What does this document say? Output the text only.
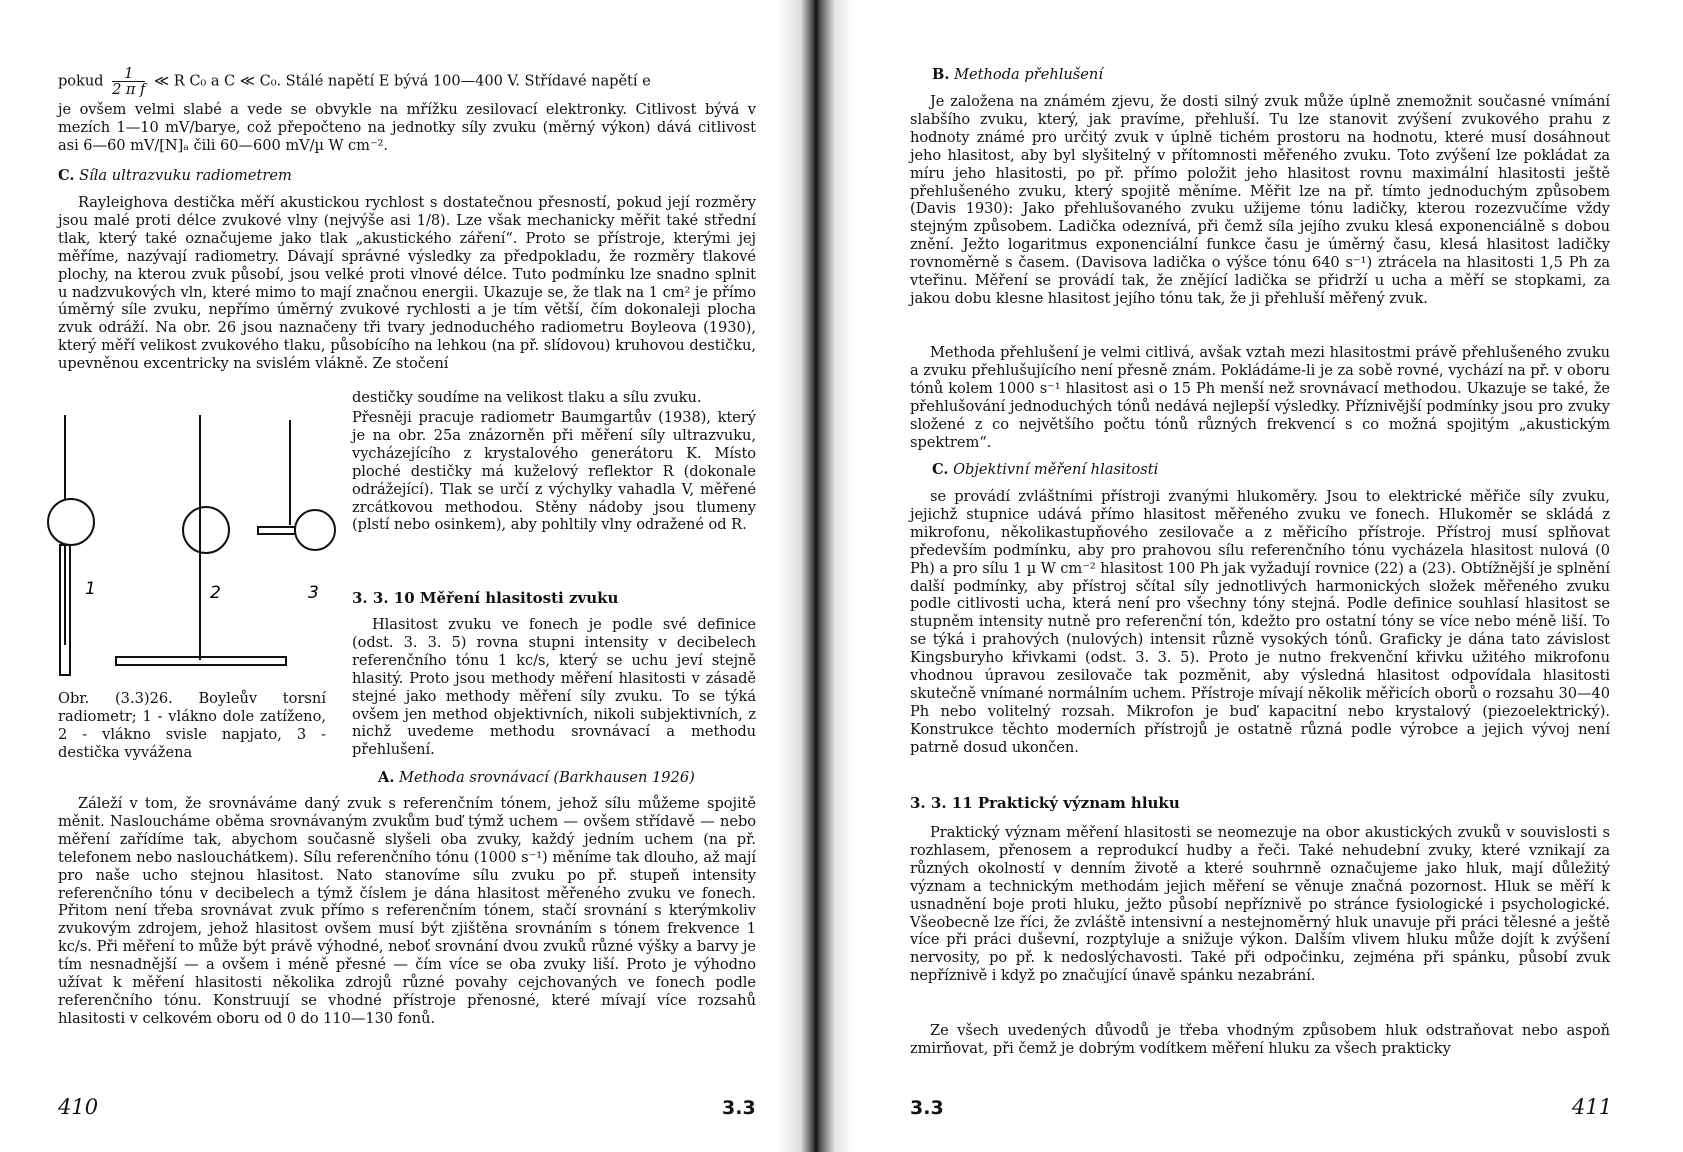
pokud $\frac{1}{\text{2 π f}}$ ≪ R C₀ a C ≪ C₀. Stálé napětí E bývá 100—400 V. Střídavé napětí e

je ovšem velmi slabé a vede se obvykle na mřížku zesilovací elektronky. Citlivost bývá v mezích 1—10 mV/barye, což přepočteno na jednotky síly zvuku (měrný výkon) dává citlivost asi 6—60 mV/[N]ₐ čili 60—600 mV/µ W cm⁻².

C. Síla ultrazvuku radiometrem

Rayleighova destička měří akustickou rychlost s dostatečnou přesností, pokud její rozměry jsou malé proti délce zvukové vlny (nejvýše asi 1/8). Lze však mechanicky měřit také střední tlak, který také označujeme jako tlak „akustického záření“. Proto se přístroje, kterými jej měříme, nazývají radiometry. Dávají správné výsledky za předpokladu, že rozměry tlakové plochy, na kterou zvuk působí, jsou velké proti vlnové délce. Tuto podmínku lze snadno splnit u nadzvukových vln, které mimo to mají značnou energii. Ukazuje se, že tlak na 1 cm² je přímo úměrný síle zvuku, nepřímo úměrný zvukové rychlosti a je tím větší, čím dokonaleji plocha zvuk odráží. Na obr. 26 jsou naznačeny tři tvary jednoduchého radiometru Boyleova (1930), který měří velikost zvukového tlaku, působícího na lehkou (na př. slídovou) kruhovou destičku, upevněnou excentricky na svislém vlákně. Ze stočení

destičky soudíme na velikost tlaku a sílu zvuku.

Přesněji pracuje radiometr Baumgartův (1938), který je na obr. 25a znázorněn při měření síly ultrazvuku, vycházejícího z krystalového generátoru K. Místo ploché destičky má kuželový reflektor R (dokonale odrážející). Tlak se určí z výchylky vahadla V, měřené zrcátkovou methodou. Stěny nádoby jsou tlumeny (plstí nebo osinkem), aby pohltily vlny odražené od R.

1	2	3

Obr. (3.3)26. Boyleův torsní radiometr; 1 - vlákno dole zatíženo, 2 - vlákno svisle napjato, 3 - destička vyvážena

3. 3. 10 Měření hlasitosti zvuku

Hlasitost zvuku ve fonech je podle své definice (odst. 3. 3. 5) rovna stupni intensity v decibelech referenčního tónu 1 kc/s, který se uchu jeví stejně hlasitý. Proto jsou methody měření hlasitosti v zásadě stejné jako methody měření síly zvuku. To se týká ovšem jen method objektivních, nikoli subjektivních, z nichž uvedeme methodu srovnávací a methodu přehlušení.

A. Methoda srovnávací (Barkhausen 1926)

Záleží v tom, že srovnáváme daný zvuk s referenčním tónem, jehož sílu můžeme spojitě měnit. Nasloucháme oběma srovnávaným zvukům buď týmž uchem — ovšem střídavě — nebo měření zařídíme tak, abychom současně slyšeli oba zvuky, každý jedním uchem (na př. telefonem nebo naslouchátkem). Sílu referenčního tónu (1000 s⁻¹) měníme tak dlouho, až mají pro naše ucho stejnou hlasitost. Nato stanovíme sílu zvuku po př. stupeň intensity referenčního tónu v decibelech a týmž číslem je dána hlasitost měřeného zvuku ve fonech. Přitom není třeba srovnávat zvuk přímo s referenčním tónem, stačí srovnání s kterýmkoliv zvukovým zdrojem, jehož hlasitost ovšem musí být zjištěna srovnáním s tónem frekvence 1 kc/s. Při měření to může být právě výhodné, neboť srovnání dvou zvuků různé výšky a barvy je tím nesnadnější — a ovšem i méně přesné — čím více se oba zvuky liší. Proto je výhodno užívat k měření hlasitosti několika zdrojů různé povahy cejchovaných ve fonech podle referenčního tónu. Konstruují se vhodné přístroje přenosné, které mívají více rozsahů hlasitosti v celkovém oboru od 0 do 110—130 fonů.

410	3.3
B. Methoda přehlušení

Je založena na známém zjevu, že dosti silný zvuk může úplně znemožnit současné vnímání slabšího zvuku, který, jak pravíme, přehluší. Tu lze stanovit zvýšení zvukového prahu z hodnoty známé pro určitý zvuk v úplně tichém prostoru na hodnotu, které musí dosáhnout jeho hlasitost, aby byl slyšitelný v přítomnosti měřeného zvuku. Toto zvýšení lze pokládat za míru jeho hlasitosti, po př. přímo položit jeho hlasitost rovnu maximální hlasitosti ještě přehlušeného zvuku, který spojitě měníme. Měřit lze na př. tímto jednoduchým způsobem (Davis 1930): Jako přehlušovaného zvuku užijeme tónu ladičky, kterou rozezvučíme vždy stejným způsobem. Ladička odeznívá, při čemž síla jejího zvuku klesá exponenciálně s dobou znění. Ježto logaritmus exponenciální funkce času je úměrný času, klesá hlasitost ladičky rovnoměrně s časem. (Davisova ladička o výšce tónu 640 s⁻¹) ztrácela na hlasitosti 1,5 Ph za vteřinu. Měření se provádí tak, že znějící ladička se přidrží u ucha a měří se stopkami, za jakou dobu klesne hlasitost jejího tónu tak, že ji přehluší měřený zvuk.

Methoda přehlušení je velmi citlivá, avšak vztah mezi hlasitostmi právě přehlušeného zvuku a zvuku přehlušujícího není přesně znám. Pokládáme-li je za sobě rovné, vychází na př. v oboru tónů kolem 1000 s⁻¹ hlasitost asi o 15 Ph menší než srovnávací methodou. Ukazuje se také, že přehlušování jednoduchých tónů nedává nejlepší výsledky. Příznivější podmínky jsou pro zvuky složené z co největšího počtu tónů různých frekvencí s co možná spojitým „akustickým spektrem“.

C. Objektivní měření hlasitosti

se provádí zvláštními přístroji zvanými hlukoměry. Jsou to elektrické měřiče síly zvuku, jejichž stupnice udává přímo hlasitost měřeného zvuku ve fonech. Hlukoměr se skládá z mikrofonu, několikastupňového zesilovače a z měřicího přístroje. Přístroj musí splňovat především podmínku, aby pro prahovou sílu referenčního tónu vycházela hlasitost nulová (0 Ph) a pro sílu 1 µ W cm⁻² hlasitost 100 Ph jak vyžadují rovnice (22) a (23). Obtížnější je splnění další podmínky, aby přístroj sčítal síly jednotlivých harmonických složek měřeného zvuku podle citlivosti ucha, která není pro všechny tóny stejná. Podle definice souhlasí hlasitost se stupněm intensity nutně pro referenční tón, kdežto pro ostatní tóny se více nebo méně liší. To se týká i prahových (nulových) intensit různě vysokých tónů. Graficky je dána tato závislost Kingsburyho křivkami (odst. 3. 3. 5). Proto je nutno frekvenční křivku užitého mikrofonu vhodnou úpravou zesilovače tak pozměnit, aby výsledná hlasitost odpovídala hlasitosti skutečně vnímané normálním uchem. Přístroje mívají několik měřicích oborů o rozsahu 30—40 Ph nebo volitelný rozsah. Mikrofon je buď kapacitní nebo krystalový (piezoelektrický). Konstrukce těchto moderních přístrojů je ostatně různá podle výrobce a jejich vývoj není patrně dosud ukončen.

3. 3. 11 Praktický význam hluku

Praktický význam měření hlasitosti se neomezuje na obor akustických zvuků v souvislosti s rozhlasem, přenosem a reprodukcí hudby a řeči. Také nehudební zvuky, které vznikají za různých okolností v denním životě a které souhrnně označujeme jako hluk, mají důležitý význam a technickým methodám jejich měření se věnuje značná pozornost. Hluk se měří k usnadnění boje proti hluku, ježto působí nepříznivě po stránce fysiologické i psychologické. Všeobecně lze říci, že zvláště intensivní a nestejnoměrný hluk unavuje při práci tělesné a ještě více při práci duševní, rozptyluje a snižuje výkon. Dalším vlivem hluku může dojít k zvýšení nervosity, po př. k nedoslýchavosti. Také při odpočinku, zejména při spánku, působí zvuk nepříznivě i když po značující únavě spánku nezabrání.

Ze všech uvedených důvodů je třeba vhodným způsobem hluk odstraňovat nebo aspoň zmirňovat, při čemž je dobrým vodítkem měření hluku za všech prakticky

3.3	411
